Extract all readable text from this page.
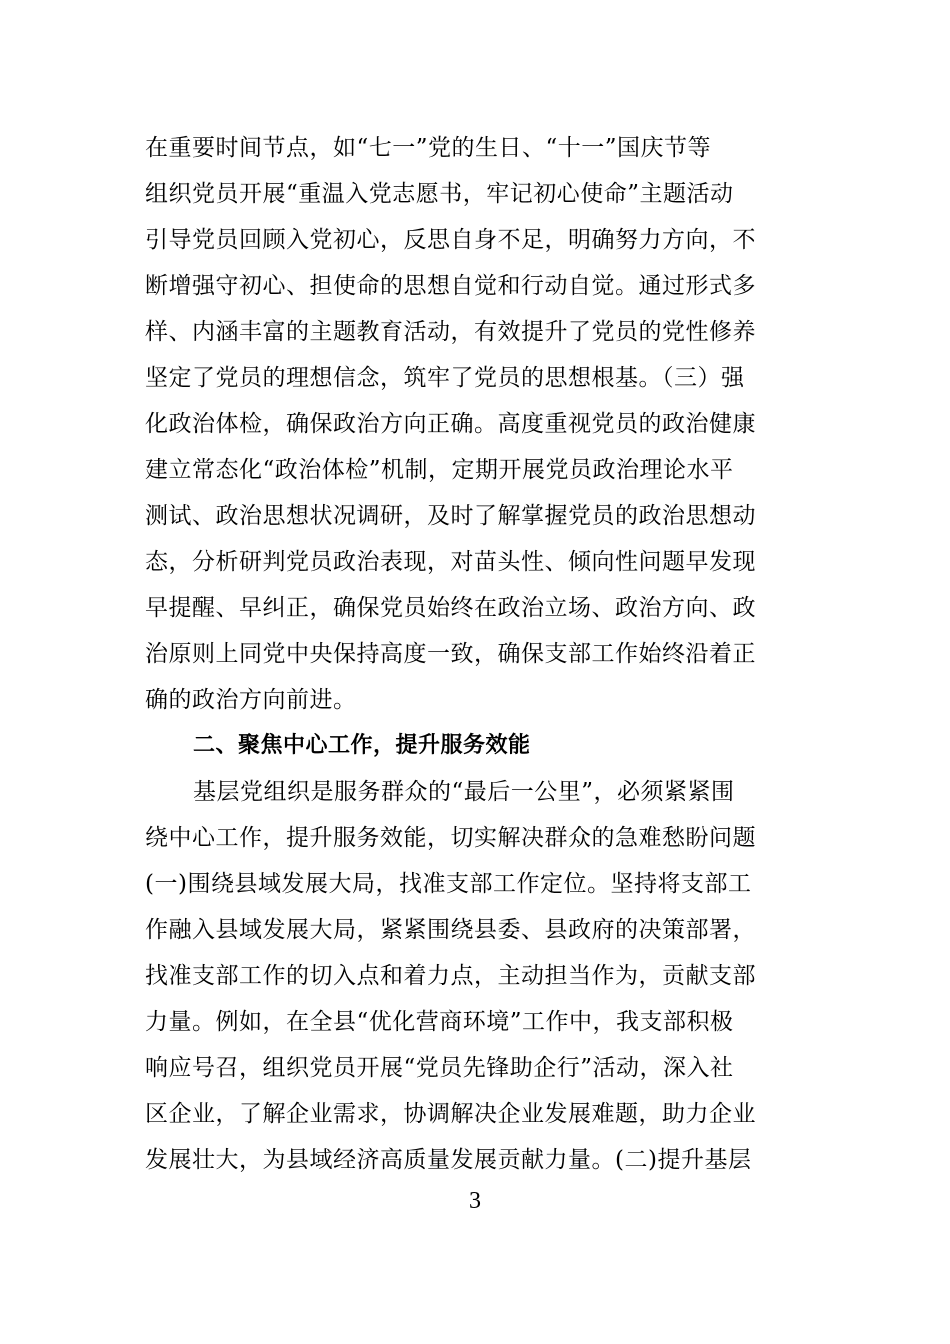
在重要时间节点，如“七一”党的生日、“十一”国庆节等
组织党员开展“重温入党志愿书，牢记初心使命”主题活动
引导党员回顾入党初心，反思自身不足，明确努力方向，不
断增强守初心、担使命的思想自觉和行动自觉。通过形式多
样、内涵丰富的主题教育活动，有效提升了党员的党性修养
坚定了党员的理想信念，筑牢了党员的思想根基。（三）强
化政治体检，确保政治方向正确。高度重视党员的政治健康
建立常态化“政治体检”机制，定期开展党员政治理论水平
测试、政治思想状况调研，及时了解掌握党员的政治思想动
态，分析研判党员政治表现，对苗头性、倾向性问题早发现
早提醒、早纠正，确保党员始终在政治立场、政治方向、政
治原则上同党中央保持高度一致，确保支部工作始终沿着正
确的政治方向前进。
二、聚焦中心工作，提升服务效能
基层党组织是服务群众的“最后一公里”，必须紧紧围
绕中心工作，提升服务效能，切实解决群众的急难愁盼问题
(一)围绕县域发展大局，找准支部工作定位。坚持将支部工
作融入县域发展大局，紧紧围绕县委、县政府的决策部署，
找准支部工作的切入点和着力点，主动担当作为，贡献支部
力量。例如，在全县“优化营商环境”工作中，我支部积极
响应号召，组织党员开展“党员先锋助企行”活动，深入社
区企业，了解企业需求，协调解决企业发展难题，助力企业
发展壮大，为县域经济高质量发展贡献力量。(二)提升基层
3
